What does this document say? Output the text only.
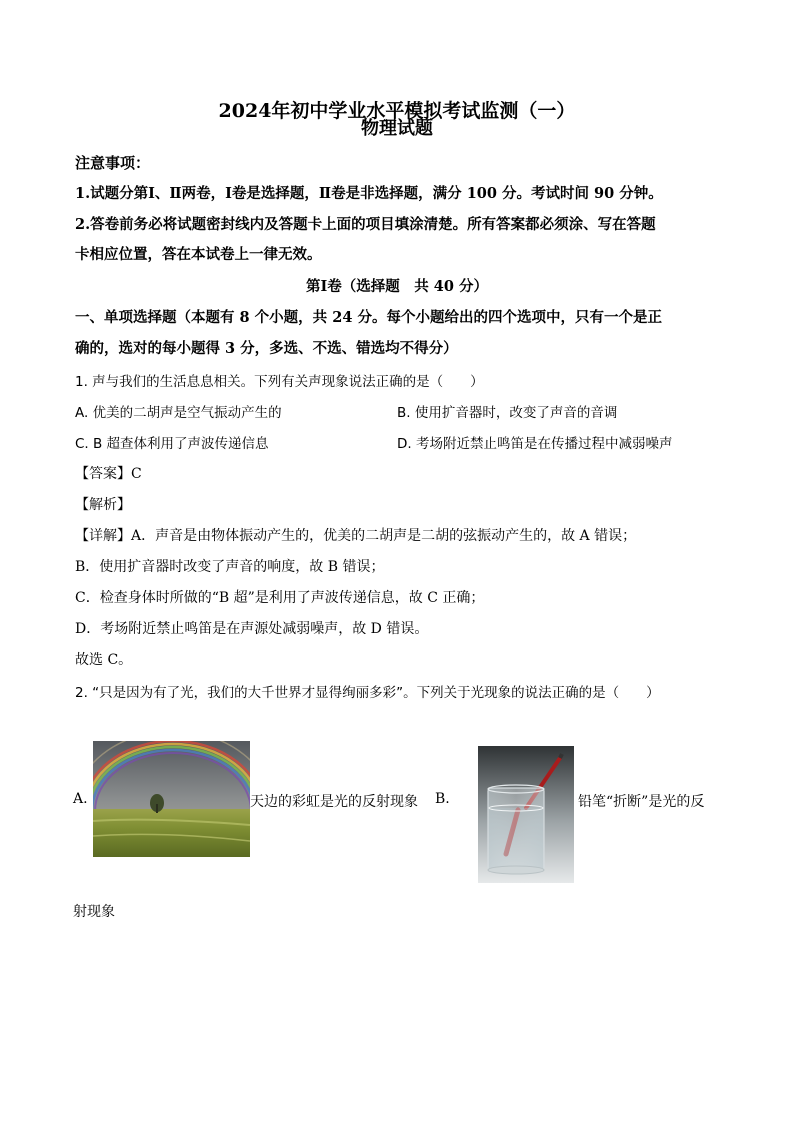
2024年初中学业水平模拟考试监测（一）
物理试题
注意事项：
1.试题分第Ⅰ、Ⅱ两卷，Ⅰ卷是选择题，Ⅱ卷是非选择题，满分 100 分。考试时间 90 分钟。
2.答卷前务必将试题密封线内及答题卡上面的项目填涂清楚。所有答案都必须涂、写在答题
卡相应位置，答在本试卷上一律无效。
第Ⅰ卷（选择题　共 40 分）
一、单项选择题（本题有 8 个小题，共 24 分。每个小题给出的四个选项中，只有一个是正
确的，选对的每小题得 3 分，多选、不选、错选均不得分）
1. 声与我们的生活息息相关。下列有关声现象说法正确的是（　　）
A. 优美的二胡声是空气振动产生的	B. 使用扩音器时，改变了声音的音调
C. B 超查体利用了声波传递信息	D. 考场附近禁止鸣笛是在传播过程中减弱噪声
【答案】C
【解析】
【详解】A．声音是由物体振动产生的，优美的二胡声是二胡的弦振动产生的，故 A 错误；
B．使用扩音器时改变了声音的响度，故 B 错误；
C．检查身体时所做的“B 超”是利用了声波传递信息，故 C 正确；
D．考场附近禁止鸣笛是在声源处减弱噪声，故 D 错误。
故选 C。
2. “只是因为有了光，我们的大千世界才显得绚丽多彩”。下列关于光现象的说法正确的是（　　）
A.	天边的彩虹是光的反射现象 B.	铅笔“折断”是光的反
射现象
